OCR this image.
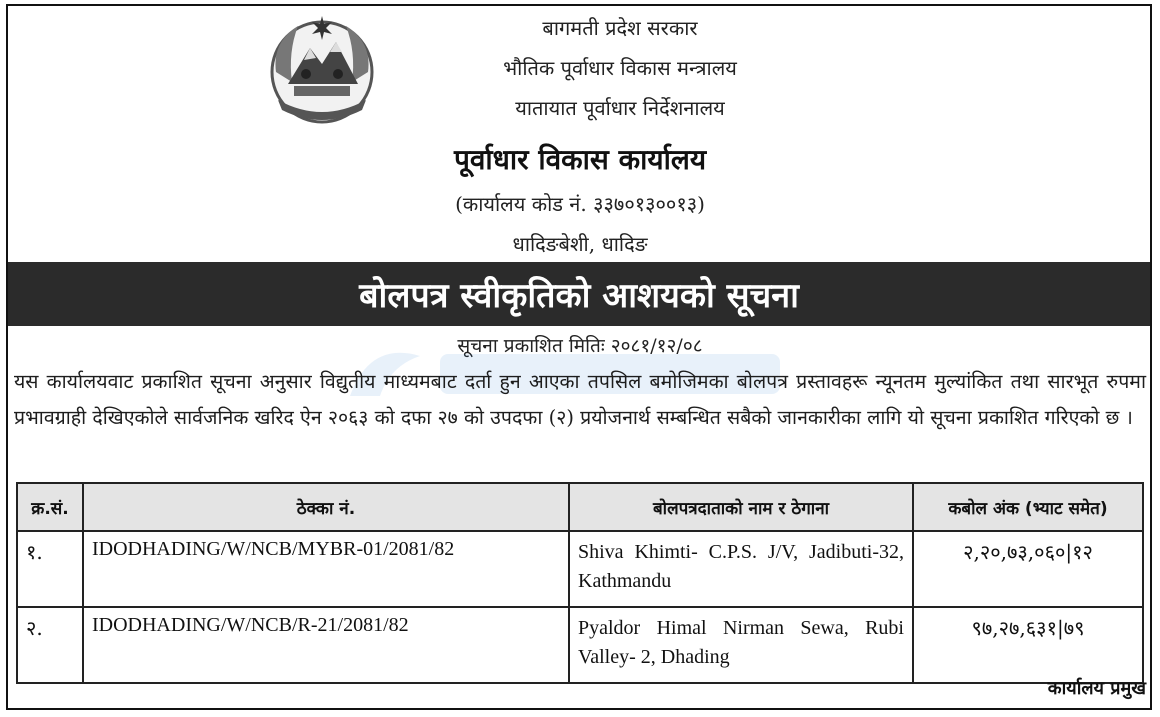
बागमती प्रदेश सरकार
भौतिक पूर्वाधार विकास मन्त्रालय
यातायात पूर्वाधार निर्देशनालय
पूर्वाधार विकास कार्यालय
(कार्यालय कोड नं. ३३७०१३००१३)
धादिङबेशी, धादिङ
बोलपत्र स्वीकृतिको आशयको सूचना
सूचना प्रकाशित मितिः २०८१/१२/०८
यस कार्यालयवाट प्रकाशित सूचना अनुसार विद्युतीय माध्यमबाट दर्ता हुन आएका तपसिल बमोजिमका बोलपत्र प्रस्तावहरू न्यूनतम मुल्यांकित तथा सारभूत रुपमा प्रभावग्राही देखिएकोले सार्वजनिक खरिद ऐन २०६३ को दफा २७ को उपदफा (२) प्रयोजनार्थ सम्बन्धित सबैको जानकारीका लागि यो सूचना प्रकाशित गरिएको छ ।
क्र.सं.	ठेक्का नं.	बोलपत्रदाताको नाम र ठेगाना	कबोल अंक (भ्याट समेत)
१.	IDODHADING/W/NCB/MYBR-01/2081/82	Shiva Khimti- C.P.S. J/V, Jadibuti-32, Kathmandu	२,२०,७३,०६०|१२
२.	IDODHADING/W/NCB/R-21/2081/82	Pyaldor Himal Nirman Sewa, Rubi Valley- 2, Dhading	९७,२७,६३१|७९
कार्यालय प्रमुख
